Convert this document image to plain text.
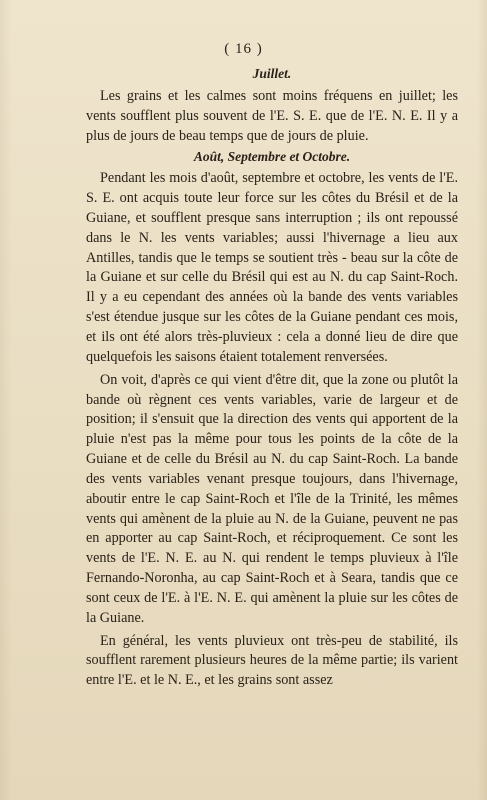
( 16 )
Juillet.

Les grains et les calmes sont moins fréquens en juillet; les vents soufflent plus souvent de l'E. S. E. que de l'E. N. E. Il y a plus de jours de beau temps que de jours de pluie.

Août, Septembre et Octobre.

Pendant les mois d'août, septembre et octobre, les vents de l'E. S. E. ont acquis toute leur force sur les côtes du Brésil et de la Guiane, et soufflent presque sans interruption ; ils ont repoussé dans le N. les vents variables; aussi l'hivernage a lieu aux Antilles, tandis que le temps se soutient très - beau sur la côte de la Guiane et sur celle du Brésil qui est au N. du cap Saint-Roch. Il y a eu cependant des années où la bande des vents variables s'est étendue jusque sur les côtes de la Guiane pendant ces mois, et ils ont été alors très-pluvieux : cela a donné lieu de dire que quelquefois les saisons étaient totalement renversées.

On voit, d'après ce qui vient d'être dit, que la zone ou plutôt la bande où règnent ces vents variables, varie de largeur et de position; il s'ensuit que la direction des vents qui apportent de la pluie n'est pas la même pour tous les points de la côte de la Guiane et de celle du Brésil au N. du cap Saint-Roch. La bande des vents variables venant presque toujours, dans l'hivernage, aboutir entre le cap Saint-Roch et l'île de la Trinité, les mêmes vents qui amènent de la pluie au N. de la Guiane, peuvent ne pas en apporter au cap Saint-Roch, et réciproquement. Ce sont les vents de l'E. N. E. au N. qui rendent le temps pluvieux à l'île Fernando-Noronha, au cap Saint-Roch et à Seara, tandis que ce sont ceux de l'E. à l'E. N. E. qui amènent la pluie sur les côtes de la Guiane.

En général, les vents pluvieux ont très-peu de stabilité, ils soufflent rarement plusieurs heures de la même partie; ils varient entre l'E. et le N. E., et les grains sont assez
